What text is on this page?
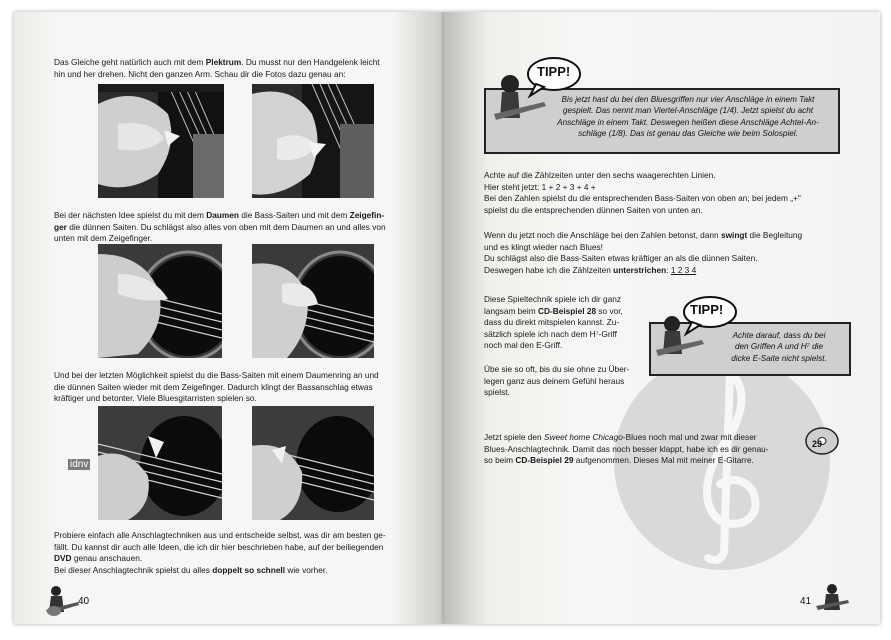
Das Gleiche geht natürlich auch mit dem Plektrum. Du musst nur den Handgelenk leicht
hin und her drehen. Nicht den ganzen Arm. Schau dir die Fotos dazu genau an:
Bei der nächsten Idee spielst du mit dem Daumen die Bass-Saiten und mit dem Zeigefin-
ger die dünnen Saiten. Du schlägst also alles von oben mit dem Daumen an und alles von
unten mit dem Zeigefinger.
Und bei der letzten Möglichkeit spielst du die Bass-Saiten mit einem Daumenring an und
die dünnen Saiten wieder mit dem Zeigefinger. Dadurch klingt der Bassanschlag etwas
kräftiger und betonter. Viele Bluesgitarristen spielen so.
idnv
Probiere einfach alle Anschlagtechniken aus und entscheide selbst, was dir am besten ge-
fällt. Du kannst dir auch alle Ideen, die ich dir hier beschrieben habe, auf der beiliegenden
DVD genau anschauen.
Bei dieser Anschlagtechnik spielst du alles doppelt so schnell wie vorher.
40
TIPP!
Bis jetzt hast du bei den Bluesgriffen nur vier Anschläge in einem Takt
gespielt. Das nennt man Viertel-Anschläge (1/4). Jetzt spielst du acht
Anschläge in einem Takt. Deswegen heißen diese Anschläge Achtel-An-
schläge (1/8). Das ist genau das Gleiche wie beim Solospiel.
Achte auf die Zählzeiten unter den sechs waagerechten Linien.
Hier steht jetzt: 1 + 2 + 3 + 4 +
Bei den Zahlen spielst du die entsprechenden Bass-Saiten von oben an; bei jedem „+"
spielst du die entsprechenden dünnen Saiten von unten an.
Wenn du jetzt noch die Anschläge bei den Zahlen betonst, dann swingt die Begleitung
und es klingt wieder nach Blues!
Du schlägst also die Bass-Saiten etwas kräftiger an als die dünnen Saiten.
Deswegen habe ich die Zählzeiten unterstrichen: 1 2 3 4
Diese Spieltechnik spiele ich dir ganz
langsam beim CD-Beispiel 28 so vor,
dass du direkt mitspielen kannst. Zu-
sätzlich spiele ich nach dem H⁷-Griff
noch mal den E-Griff.
Übe sie so oft, bis du sie ohne zu Über-
legen ganz aus deinem Gefühl heraus
spielst.
TIPP!
Achte darauf, dass du bei
den Griffen A und H⁷ die
dicke E-Saite nicht spielst.
Jetzt spiele den Sweet home Chicago-Blues noch mal und zwar mit dieser
Blues-Anschlagtechnik. Damit das noch besser klappt, habe ich es dir genau-
so beim CD-Beispiel 29 aufgenommen. Dieses Mal mit meiner E-Gitarre.
29
41
